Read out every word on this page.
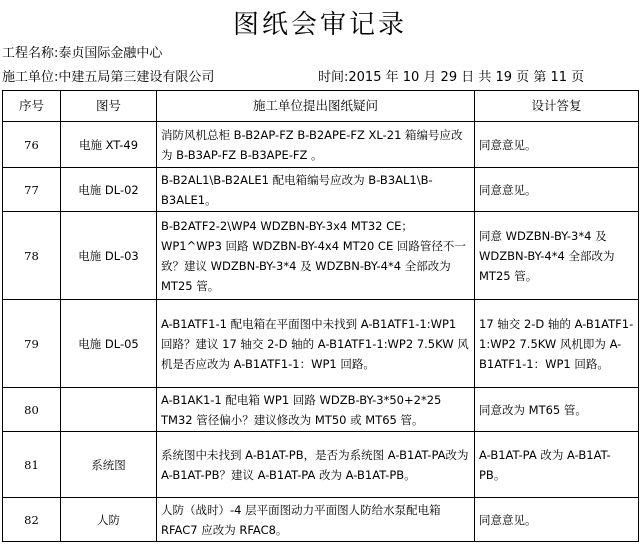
图纸会审记录
工程名称:泰贞国际金融中心
施工单位:中建五局第三建设有限公司	时间:2015 年 10 月 29 日 共 19 页 第 11 页
序号	图号	施工单位提出图纸疑问	设计答复
76	电施 XT-49	消防风机总柜 B-B2AP-FZ B-B2APE-FZ XL-21 箱编号应改为 B-B3AP-FZ B-B3APE-FZ 。	同意意见。
77	电施 DL-02	B-B2AL1\B-B2ALE1 配电箱编号应改为 B-B3AL1\B-B3ALE1。	同意意见。
78	电施 DL-03	B-B2ATF2-2\WP4 WDZBN-BY-3x4 MT32 CE；WP1^WP3 回路 WDZBN-BY-4x4 MT20 CE 回路管径不一致？建议 WDZBN-BY-3*4 及 WDZBN-BY-4*4 全部改为 MT25 管。	同意 WDZBN-BY-3*4 及 WDZBN-BY-4*4 全部改为 MT25 管。
79	电施 DL-05	A-B1ATF1-1 配电箱在平面图中未找到 A-B1ATF1-1:WP1 回路？建议 17 轴交 2-D 轴的 A-B1ATF1-1:WP2 7.5KW 风机是否应改为 A-B1ATF1-1：WP1 回路。	17 轴交 2-D 轴的 A-B1ATF1-1:WP2 7.5KW 风机即为 A-B1ATF1-1：WP1 回路。
80		A-B1AK1-1 配电箱 WP1 回路 WDZB-BY-3*50+2*25 TM32 管径偏小？建议修改为 MT50 或 MT65 管。	同意改为 MT65 管。
81	系统图	系统图中未找到 A-B1AT-PB，是否为系统图 A-B1AT-PA改为 A-B1AT-PB？建议 A-B1AT-PA 改为 A-B1AT-PB。	A-B1AT-PA 改为 A-B1AT-PB。
82	人防	人防（战时）-4 层平面图动力平面图人防给水泵配电箱 RFAC7 应改为 RFAC8。	同意意见。
